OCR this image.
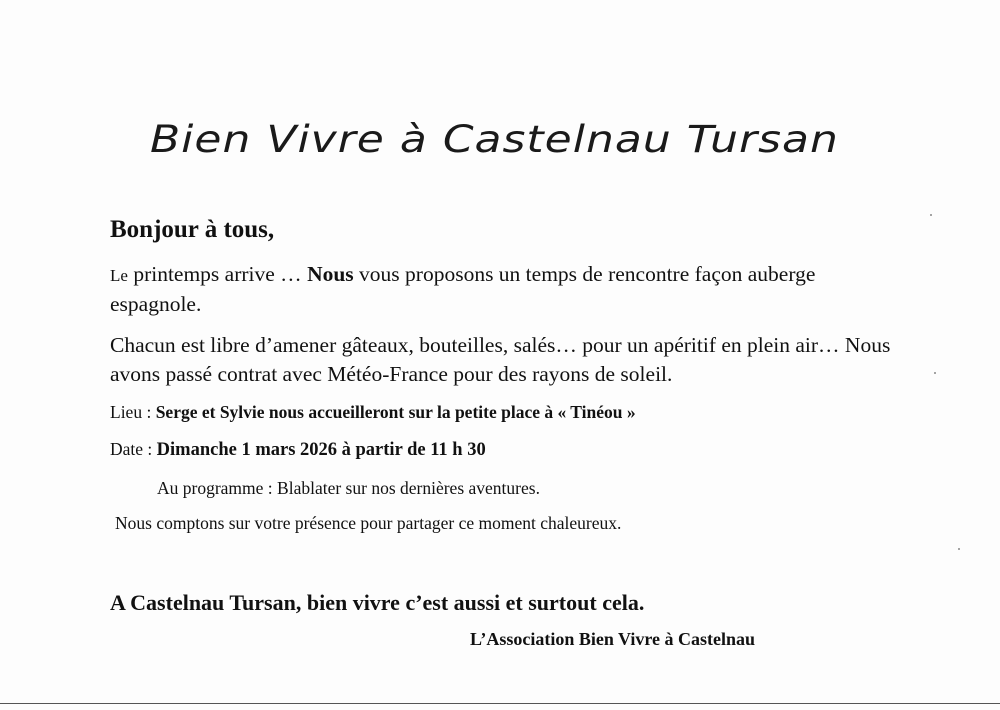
Bien Vivre à Castelnau Tursan
Bonjour à tous,
Le printemps arrive … Nous vous proposons un temps de rencontre façon auberge espagnole.
Chacun est libre d’amener gâteaux, bouteilles, salés… pour un apéritif en plein air… Nous avons passé contrat avec Météo-France pour des rayons de soleil.
Lieu : Serge et Sylvie nous accueilleront sur la petite place à « Tinéou »
Date : Dimanche 1 mars 2026 à partir de 11 h 30
Au programme : Blablater sur nos dernières aventures.
Nous comptons sur votre présence pour partager ce moment chaleureux.
A Castelnau Tursan, bien vivre c’est aussi et surtout cela.
L’Association Bien Vivre à Castelnau
